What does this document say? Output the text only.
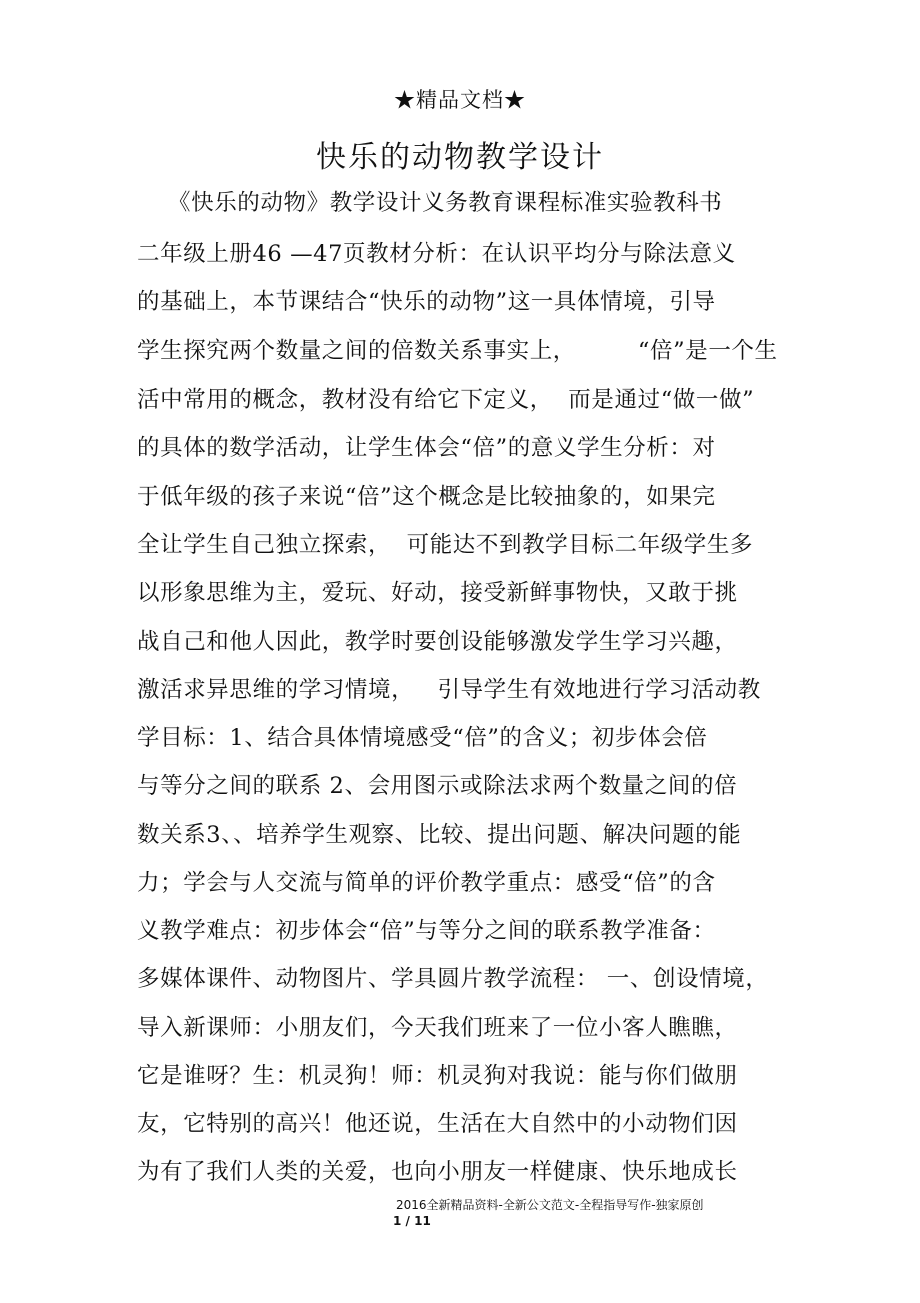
★精品文档★
快乐的动物教学设计
《快乐的动物》教学设计义务教育课程标准实验教科书
二年级上册46 —47页教材分析：在认识平均分与除法意义
的基础上，本节课结合“快乐的动物”这一具体情境，引导
学生探究两个数量之间的倍数关系事实上，        “倍”是一个生
活中常用的概念，教材没有给它下定义，  而是通过“做一做”
的具体的数学活动，让学生体会“倍”的意义学生分析：对
于低年级的孩子来说“倍”这个概念是比较抽象的，如果完
全让学生自己独立探索，  可能达不到教学目标二年级学生多
以形象思维为主，爱玩、好动，接受新鲜事物快，又敢于挑
战自己和他人因此，教学时要创设能够激发学生学习兴趣，
激活求异思维的学习情境，   引导学生有效地进行学习活动教
学目标：1、结合具体情境感受“倍”的含义；初步体会倍
与等分之间的联系 2、会用图示或除法求两个数量之间的倍
数关系3、、培养学生观察、比较、提出问题、解决问题的能
力；学会与人交流与简单的评价教学重点：感受“倍”的含
义教学难点：初步体会“倍”与等分之间的联系教学准备：
多媒体课件、动物图片、学具圆片教学流程： 一、创设情境，
导入新课师：小朋友们，今天我们班来了一位小客人瞧瞧，
它是谁呀？生：机灵狗！师：机灵狗对我说：能与你们做朋
友，它特别的高兴！他还说，生活在大自然中的小动物们因
为有了我们人类的关爱，也向小朋友一样健康、快乐地成长
2016全新精品资料-全新公文范文-全程指导写作-独家原创
1 / 11
